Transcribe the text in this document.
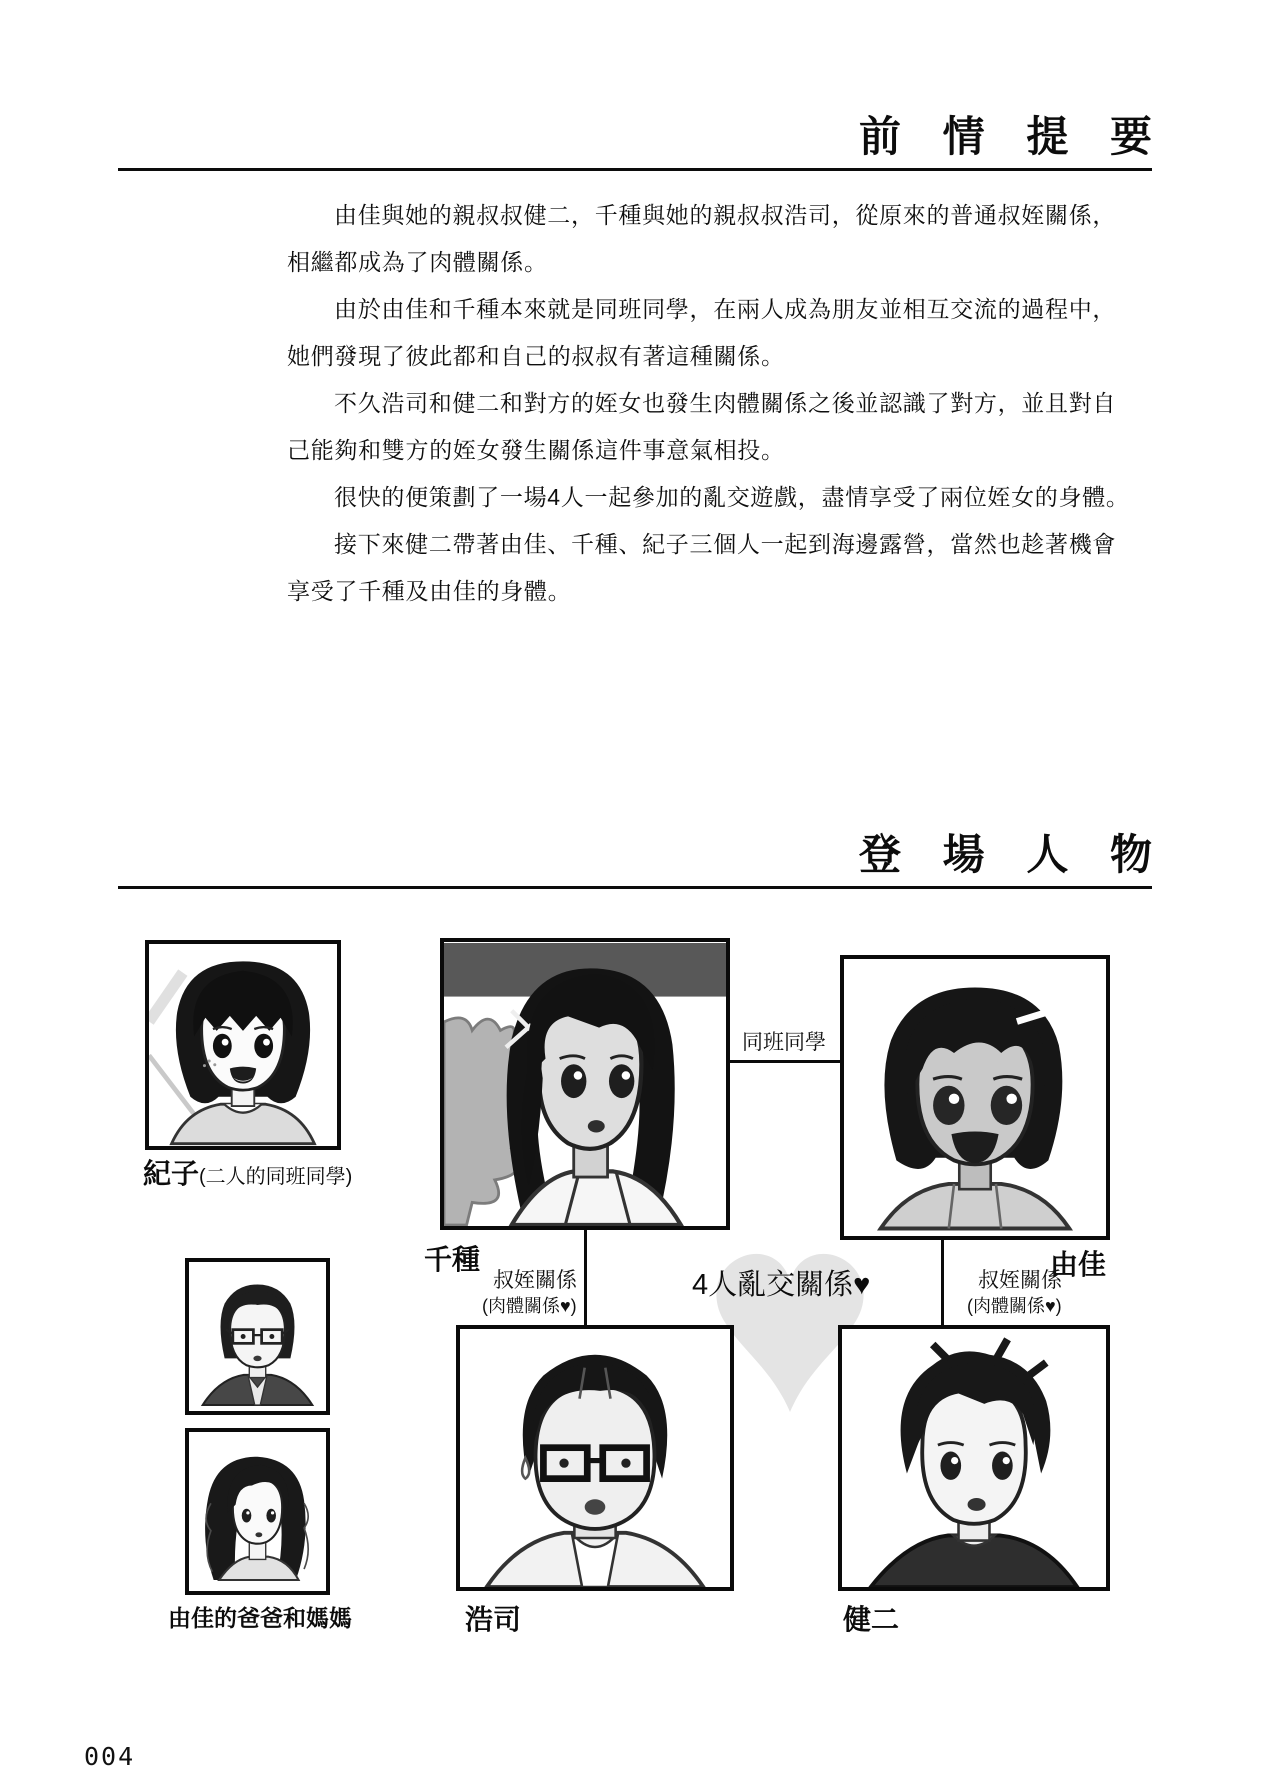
前 情 提 要
由佳與她的親叔叔健二，千種與她的親叔叔浩司，從原來的普通叔姪關係，
相繼都成為了肉體關係。
由於由佳和千種本來就是同班同學，在兩人成為朋友並相互交流的過程中，
她們發現了彼此都和自己的叔叔有著這種關係。
不久浩司和健二和對方的姪女也發生肉體關係之後並認識了對方，並且對自
己能夠和雙方的姪女發生關係這件事意氣相投。
很快的便策劃了一場4人一起參加的亂交遊戲，盡情享受了兩位姪女的身體。
接下來健二帶著由佳、千種、紀子三個人一起到海邊露營，當然也趁著機會
享受了千種及由佳的身體。
登 場 人 物
紀子(二人的同班同學)
千種	由佳
同班同學
4人亂交關係♥
叔姪關係
(肉體關係♥)
叔姪關係
(肉體關係♥)
由佳的爸爸和媽媽	浩司	健二
004
